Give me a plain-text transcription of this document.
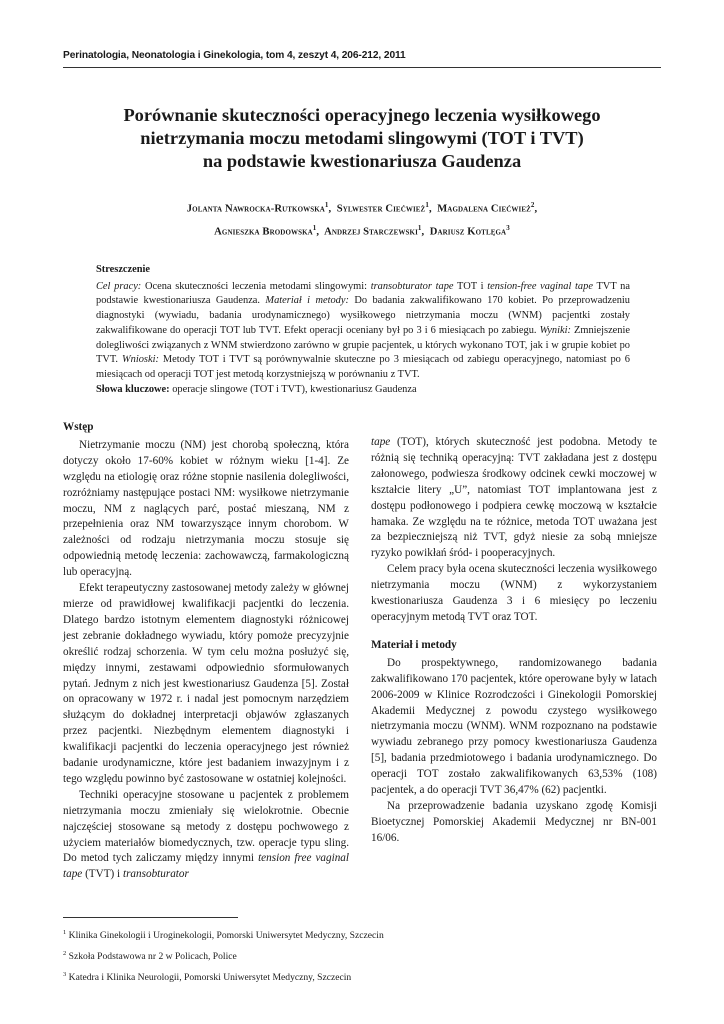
Perinatologia, Neonatologia i Ginekologia, tom 4, zeszyt 4, 206-212, 2011
Porównanie skuteczności operacyjnego leczenia wysiłkowego
nietrzymania moczu metodami slingowymi (TOT i TVT)
na podstawie kwestionariusza Gaudenza
Jolanta Nawrocka-Rutkowska$^1$,  Sylwester Ciećwież$^1$,  Magdalena Ciećwież$^2$,
Agnieszka Brodowska$^1$,  Andrzej Starczewski$^1$,  Dariusz Kotlęga$^3$
Streszczenie
Cel pracy: Ocena skuteczności leczenia metodami slingowymi: transobturator tape TOT i tension-free vaginal tape TVT na podstawie kwestionariusza Gaudenza. Materiał i metody: Do badania zakwalifikowano 170 kobiet. Po przeprowadzeniu diagnostyki (wywiadu, badania urodynamicznego) wysiłkowego nietrzymania moczu (WNM) pacjentki zostały zakwalifikowane do operacji TOT lub TVT. Efekt operacji oceniany był po 3 i 6 miesiącach po zabiegu. Wyniki: Zmniejszenie dolegliwości związanych z WNM stwierdzono zarówno w grupie pacjentek, u których wykonano TOT, jak i w grupie kobiet po TVT. Wnioski: Metody TOT i TVT są porównywalnie skuteczne po 3 miesiącach od zabiegu operacyjnego, natomiast po 6 miesiącach od operacji TOT jest metodą korzystniejszą w porównaniu z TVT.
Słowa kluczowe: operacje slingowe (TOT i TVT), kwestionariusz Gaudenza
Wstęp

Nietrzymanie moczu (NM) jest chorobą społeczną, która dotyczy około 17-60% kobiet w różnym wieku [1-4]. Ze względu na etiologię oraz różne stopnie nasilenia dolegliwości, rozróżniamy następujące postaci NM: wysiłkowe nietrzymanie moczu, NM z naglących parć, postać mieszaną, NM z przepełnienia oraz NM towarzyszące innym chorobom. W zależności od rodzaju nietrzymania moczu stosuje się odpowiednią metodę leczenia: zachowawczą, farmakologiczną lub operacyjną.

Efekt terapeutyczny zastosowanej metody zależy w głównej mierze od prawidłowej kwalifikacji pacjentki do leczenia. Dlatego bardzo istotnym elementem diagnostyki różnicowej jest zebranie dokładnego wywiadu, który pomoże precyzyjnie określić rodzaj schorzenia. W tym celu można posłużyć się, między innymi, zestawami odpowiednio sformułowanych pytań. Jednym z nich jest kwestionariusz Gaudenza [5]. Został on opracowany w 1972 r. i nadal jest pomocnym narzędziem służącym do dokładnej interpretacji objawów zgłaszanych przez pacjentki. Niezbędnym elementem diagnostyki i kwalifikacji pacjentki do leczenia operacyjnego jest również badanie urodynamiczne, które jest badaniem inwazyjnym i z tego względu powinno być zastosowane w ostatniej kolejności.

Techniki operacyjne stosowane u pacjentek z problemem nietrzymania moczu zmieniały się wielokrotnie. Obecnie najczęściej stosowane są metody z dostępu pochwowego z użyciem materiałów biomedycznych, tzw. operacje typu sling. Do metod tych zaliczamy między innymi tension free vaginal tape (TVT) i transobturator

tape (TOT), których skuteczność jest podobna. Metody te różnią się techniką operacyjną: TVT zakładana jest z dostępu załonowego, podwieszа środkowy odcinek cewki moczowej w kształcie litery „U”, natomiast TOT implantowana jest z dostępu podłonowego i podpiera cewkę moczową w kształcie hamaka. Ze względu na te różnice, metoda TOT uważana jest za bezpieczniejszą niż TVT, gdyż niesie za sobą mniejsze ryzyko powikłań śród- i pooperacyjnych.

Celem pracy była ocena skuteczności leczenia wysiłkowego nietrzymania moczu (WNM) z wykorzystaniem kwestionariusza Gaudenza 3 i 6 miesięcy po leczeniu operacyjnym metodą TVT oraz TOT.

Materiał i metody

Do prospektywnego, randomizowanego badania zakwalifikowano 170 pacjentek, które operowane były w latach 2006-2009 w Klinice Rozrodczości i Ginekologii Pomorskiej Akademii Medycznej z powodu czystego wysiłkowego nietrzymania moczu (WNM). WNM rozpoznano na podstawie wywiadu zebranego przy pomocy kwestionariusza Gaudenza [5], badania przedmiotowego i badania urodynamicznego. Do operacji TOT zostało zakwalifikowanych 63,53% (108) pacjentek, a do operacji TVT 36,47% (62) pacjentki.

Na przeprowadzenie badania uzyskano zgodę Komisji Bioetycznej Pomorskiej Akademii Medycznej nr BN-001 16/06.

$^1$ Klinika Ginekologii i Uroginekologii, Pomorski Uniwersytet Medyczny, Szczecin
$^2$ Szkoła Podstawowa nr 2 w Policach, Police
$^3$ Katedra i Klinika Neurologii, Pomorski Uniwersytet Medyczny, Szczecin
